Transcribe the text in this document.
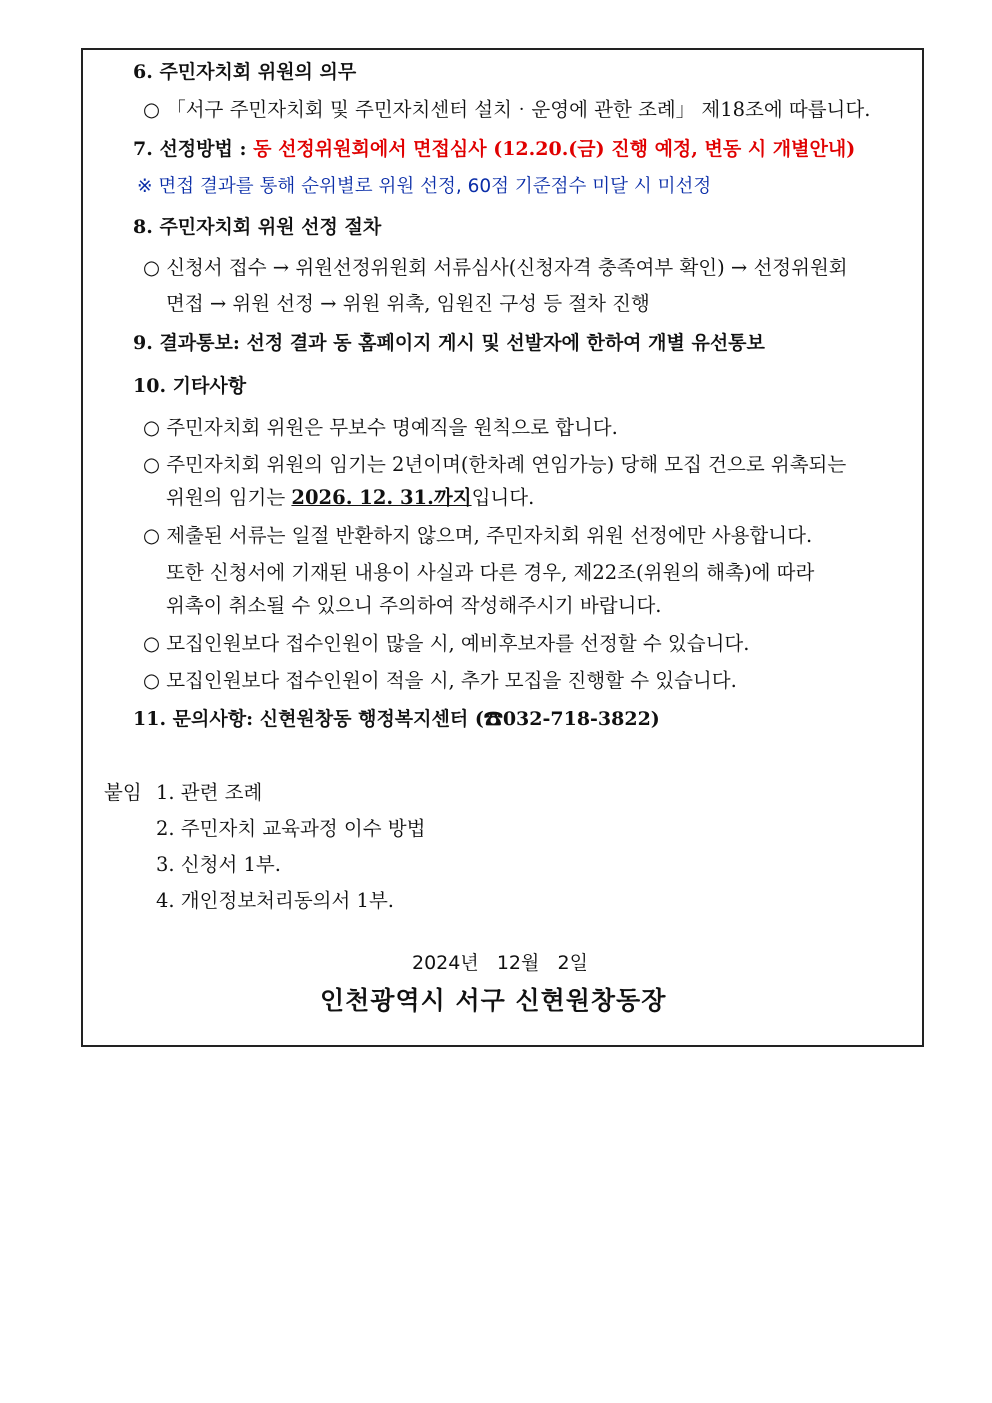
6. 주민자치회 위원의 의무
○ 「서구 주민자치회 및 주민자치센터 설치‧운영에 관한 조례」 제18조에 따릅니다.
7. 선정방법 : 동 선정위원회에서 면접심사 (12.20.(금) 진행 예정, 변동 시 개별안내)
※ 면접 결과를 통해 순위별로 위원 선정, 60점 기준점수 미달 시 미선정
8. 주민자치회 위원 선정 절차
○ 신청서 접수 → 위원선정위원회 서류심사(신청자격 충족여부 확인) → 선정위원회
면접 → 위원 선정 → 위원 위촉, 임원진 구성 등 절차 진행
9. 결과통보: 선정 결과 동 홈페이지 게시 및 선발자에 한하여 개별 유선통보
10. 기타사항
○ 주민자치회 위원은 무보수 명예직을 원칙으로 합니다.
○ 주민자치회 위원의 임기는 2년이며(한차례 연임가능) 당해 모집 건으로 위촉되는
위원의 임기는 2026. 12. 31.까지입니다.
○ 제출된 서류는 일절 반환하지 않으며, 주민자치회 위원 선정에만 사용합니다.
또한 신청서에 기재된 내용이 사실과 다른 경우, 제22조(위원의 해촉)에 따라
위촉이 취소될 수 있으니 주의하여 작성해주시기 바랍니다.
○ 모집인원보다 접수인원이 많을 시, 예비후보자를 선정할 수 있습니다.
○ 모집인원보다 접수인원이 적을 시, 추가 모집을 진행할 수 있습니다.
11. 문의사항: 신현원창동 행정복지센터 (☎032-718-3822)
붙임 1. 관련 조례
2. 주민자치 교육과정 이수 방법
3. 신청서 1부.
4. 개인정보처리동의서 1부.
2024년   12월   2일
인천광역시 서구 신현원창동장
